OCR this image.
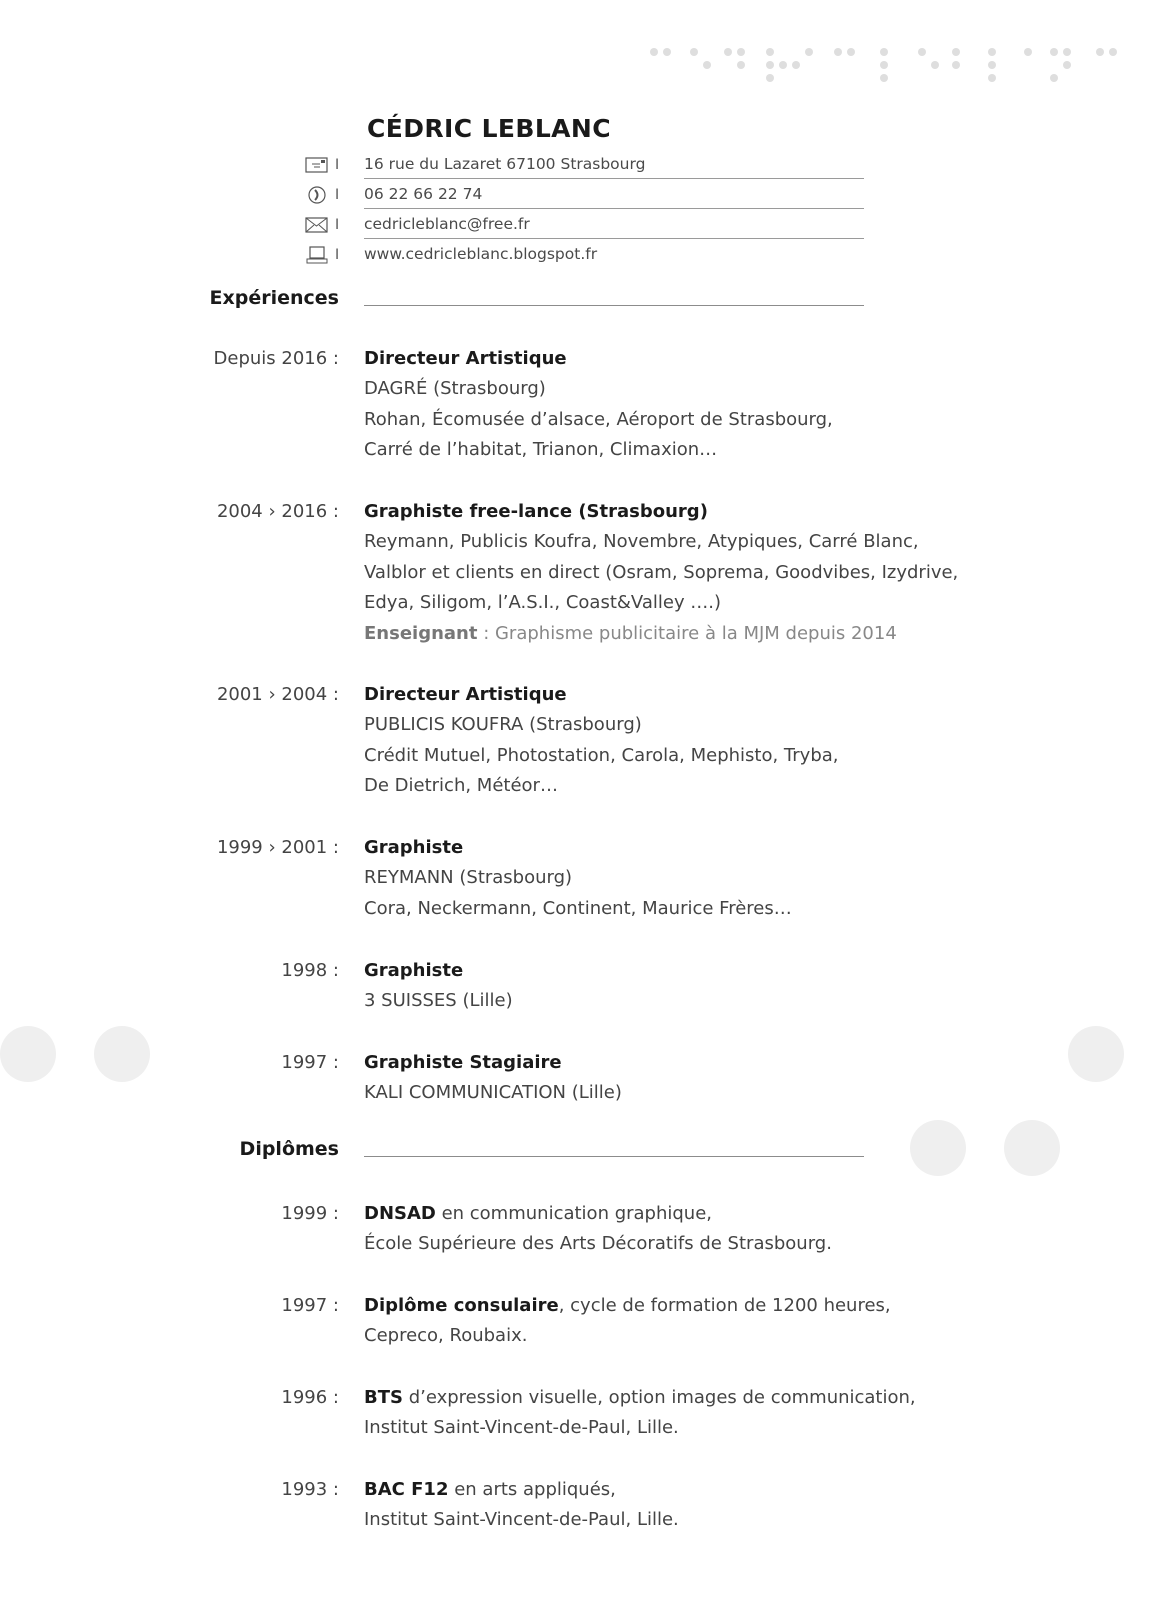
CÉDRIC LEBLANC
I 16 rue du Lazaret 67100 Strasbourg
I 06 22 66 22 74
I cedricleblanc@free.fr
I www.cedricleblanc.blogspot.fr
Expériences
Depuis 2016 : Directeur Artistique
DAGRÉ (Strasbourg)
Rohan, Écomusée d’alsace, Aéroport de Strasbourg,
Carré de l’habitat, Trianon, Climaxion…
2004 › 2016 : Graphiste free-lance (Strasbourg)
Reymann, Publicis Koufra, Novembre, Atypiques, Carré Blanc,
Valblor et clients en direct (Osram, Soprema, Goodvibes, Izydrive,
Edya, Siligom, l’A.S.I., Coast&Valley ….)
Enseignant : Graphisme publicitaire à la MJM depuis 2014
2001 › 2004 : Directeur Artistique
PUBLICIS KOUFRA (Strasbourg)
Crédit Mutuel, Photostation, Carola, Mephisto, Tryba,
De Dietrich, Météor…
1999 › 2001 : Graphiste
REYMANN (Strasbourg)
Cora, Neckermann, Continent, Maurice Frères…
1998 : Graphiste
3 SUISSES (Lille)
1997 : Graphiste Stagiaire
KALI COMMUNICATION (Lille)
Diplômes
1999 : DNSAD en communication graphique,
École Supérieure des Arts Décoratifs de Strasbourg.
1997 : Diplôme consulaire, cycle de formation de 1200 heures,
Cepreco, Roubaix.
1996 : BTS d’expression visuelle, option images de communication,
Institut Saint-Vincent-de-Paul, Lille.
1993 : BAC F12 en arts appliqués,
Institut Saint-Vincent-de-Paul, Lille.
